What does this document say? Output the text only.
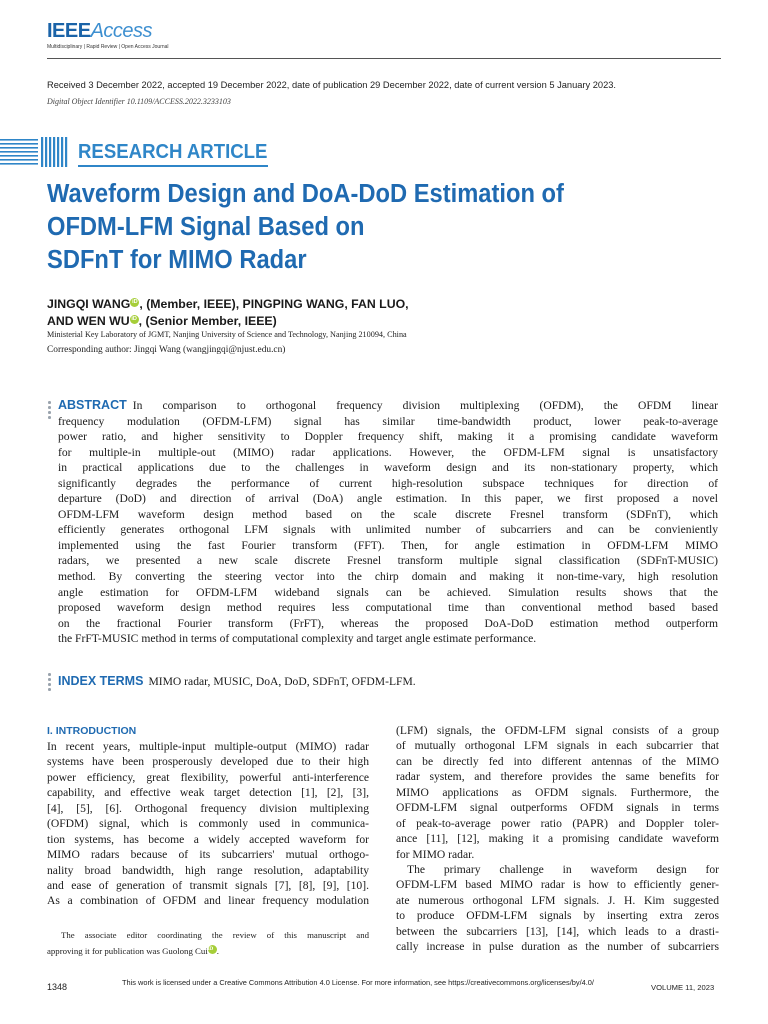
IEEEAccess
Multidisciplinary | Rapid Review | Open Access Journal
Received 3 December 2022, accepted 19 December 2022, date of publication 29 December 2022, date of current version 5 January 2023.
Digital Object Identifier 10.1109/ACCESS.2022.3233103
RESEARCH ARTICLE
Waveform Design and DoA-DoD Estimation of
OFDM-LFM Signal Based on
SDFnT for MIMO Radar
JINGQI WANG iD , (Member, IEEE), PINGPING WANG, FAN LUO,
AND WEN WU iD , (Senior Member, IEEE)
Ministerial Key Laboratory of JGMT, Nanjing University of Science and Technology, Nanjing 210094, China
Corresponding author: Jingqi Wang (wangjingqi@njust.edu.cn)
ABSTRACT In comparison to orthogonal frequency division multiplexing (OFDM), the OFDM linear
frequency modulation (OFDM-LFM) signal has similar time-bandwidth product, lower peak-to-average
power ratio, and higher sensitivity to Doppler frequency shift, making it a promising candidate waveform
for multiple-in multiple-out (MIMO) radar applications. However, the OFDM-LFM signal is unsatisfactory
in practical applications due to the challenges in waveform design and its non-stationary property, which
significantly degrades the performance of current high-resolution subspace techniques for direction of
departure (DoD) and direction of arrival (DoA) angle estimation. In this paper, we first proposed a novel
OFDM-LFM waveform design method based on the scale discrete Fresnel transform (SDFnT), which
efficiently generates orthogonal LFM signals with unlimited number of subcarriers and can be convieniently
implemented using the fast Fourier transform (FFT). Then, for angle estimation in OFDM-LFM MIMO
radars, we presented a new scale discrete Fresnel transform multiple signal classification (SDFnT-MUSIC)
method. By converting the steering vector into the chirp domain and making it non-time-vary, high resolution
angle estimation for OFDM-LFM wideband signals can be achieved. Simulation results shows that the
proposed waveform design method requires less computational time than conventional method based based
on the fractional Fourier transform (FrFT), whereas the proposed DoA-DoD estimation method outperform
the FrFT-MUSIC method in terms of computational complexity and target angle estimate performance.
INDEX TERMS MIMO radar, MUSIC, DoA, DoD, SDFnT, OFDM-LFM.
I. INTRODUCTION
In recent years, multiple-input multiple-output (MIMO) radar
systems have been prosperously developed due to their high
power efficiency, great flexibility, powerful anti-interference
capability, and effective weak target detection [1], [2], [3],
[4], [5], [6]. Orthogonal frequency division multiplexing
(OFDM) signal, which is commonly used in communica-
tion systems, has become a widely accepted waveform for
MIMO radars because of its subcarriers' mutual orthogo-
nality broad bandwidth, high range resolution, adaptability
and ease of generation of transmit signals [7], [8], [9], [10].
As a combination of OFDM and linear frequency modulation
The associate editor coordinating the review of this manuscript and
approving it for publication was Guolong CuiiD .
(LFM) signals, the OFDM-LFM signal consists of a group
of mutually orthogonal LFM signals in each subcarrier that
can be directly fed into different antennas of the MIMO
radar system, and therefore provides the same benefits for
MIMO applications as OFDM signals. Furthermore, the
OFDM-LFM signal outperforms OFDM signals in terms
of peak-to-average power ratio (PAPR) and Doppler toler-
ance [11], [12], making it a promising candidate waveform
for MIMO radar.
The primary challenge in waveform design for
OFDM-LFM based MIMO radar is how to efficiently gener-
ate numerous orthogonal LFM signals. J. H. Kim suggested
to produce OFDM-LFM signals by inserting extra zeros
between the subcarriers [13], [14], which leads to a drasti-
cally increase in pulse duration as the number of subcarriers
1348	This work is licensed under a Creative Commons Attribution 4.0 License. For more information, see https://creativecommons.org/licenses/by/4.0/
VOLUME 11, 2023
